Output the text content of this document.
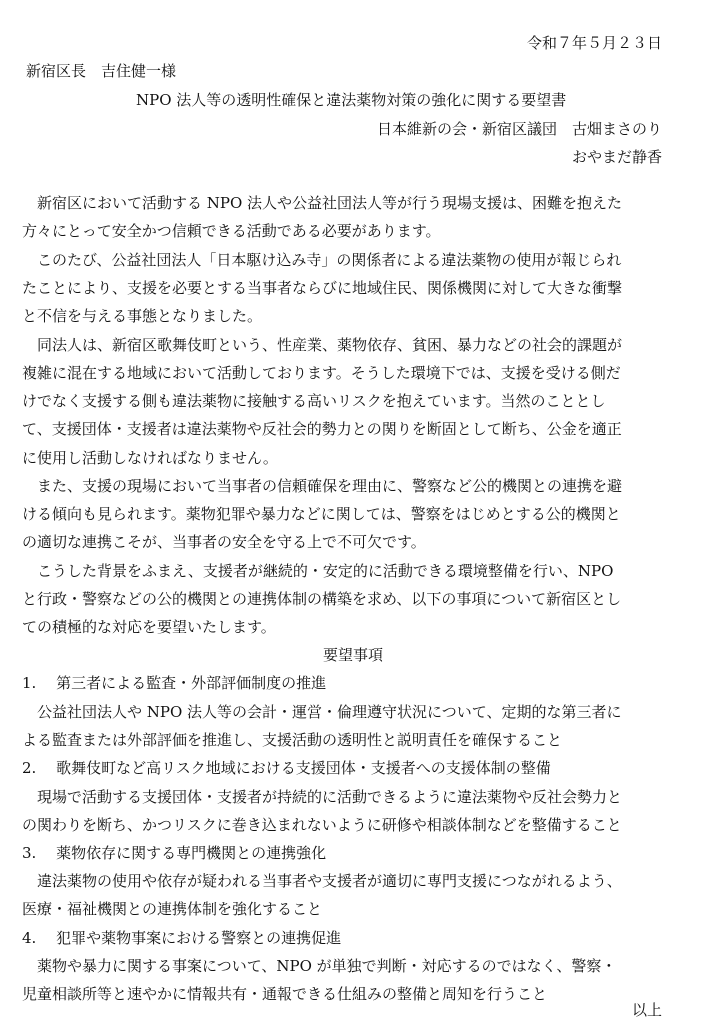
令和７年５月２３日
新宿区長　吉住健一様
NPO 法人等の透明性確保と違法薬物対策の強化に関する要望書
日本維新の会・新宿区議団　古畑まさのり
おやまだ静香
　新宿区において活動する NPO 法人や公益社団法人等が行う現場支援は、困難を抱えた
方々にとって安全かつ信頼できる活動である必要があります。
　このたび、公益社団法人「日本駆け込み寺」の関係者による違法薬物の使用が報じられ
たことにより、支援を必要とする当事者ならびに地域住民、関係機関に対して大きな衝撃
と不信を与える事態となりました。
　同法人は、新宿区歌舞伎町という、性産業、薬物依存、貧困、暴力などの社会的課題が
複雑に混在する地域において活動しております。そうした環境下では、支援を受ける側だ
けでなく支援する側も違法薬物に接触する高いリスクを抱えています。当然のこととし
て、支援団体・支援者は違法薬物や反社会的勢力との関りを断固として断ち、公金を適正
に使用し活動しなければなりません。
　また、支援の現場において当事者の信頼確保を理由に、警察など公的機関との連携を避
ける傾向も見られます。薬物犯罪や暴力などに関しては、警察をはじめとする公的機関と
の適切な連携こそが、当事者の安全を守る上で不可欠です。
　こうした背景をふまえ、支援者が継続的・安定的に活動できる環境整備を行い、NPO
と行政・警察などの公的機関との連携体制の構築を求め、以下の事項について新宿区とし
ての積極的な対応を要望いたします。
要望事項
1.　 第三者による監査・外部評価制度の推進
　公益社団法人や NPO 法人等の会計・運営・倫理遵守状況について、定期的な第三者に
よる監査または外部評価を推進し、支援活動の透明性と説明責任を確保すること
2.　 歌舞伎町など高リスク地域における支援団体・支援者への支援体制の整備
　現場で活動する支援団体・支援者が持続的に活動できるように違法薬物や反社会勢力と
の関わりを断ち、かつリスクに巻き込まれないように研修や相談体制などを整備すること
3.　 薬物依存に関する専門機関との連携強化
　違法薬物の使用や依存が疑われる当事者や支援者が適切に専門支援につながれるよう、
医療・福祉機関との連携体制を強化すること
4.　 犯罪や薬物事案における警察との連携促進
　薬物や暴力に関する事案について、NPO が単独で判断・対応するのではなく、警察・
児童相談所等と速やかに情報共有・通報できる仕組みの整備と周知を行うこと
以上
